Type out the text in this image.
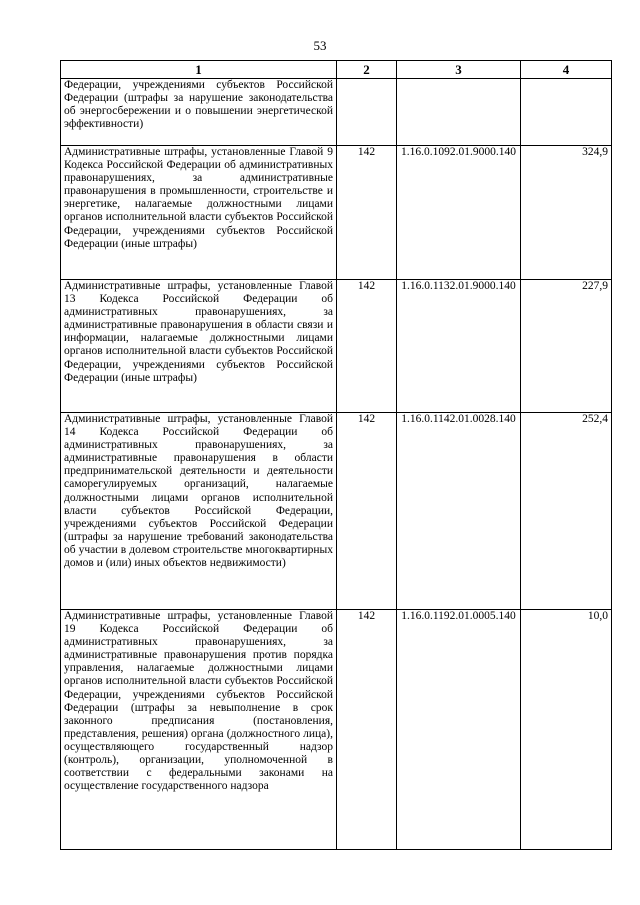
53
1	2	3	4
Федерации, учреждениями субъектов Российской Федерации (штрафы за нарушение законодательства об энергосбережении и о повышении энергетической эффективности)			
Административные штрафы, установленные Главой 9 Кодекса Российской Федерации об административных правонарушениях, за административные правонарушения в промышленности, строительстве и энергетике, налагаемые должностными лицами органов исполнительной власти субъектов Российской Федерации, учреждениями субъектов Российской Федерации (иные штрафы)	142	1.16.0.1092.01.9000.140	324,9
Административные штрафы, установленные Главой 13 Кодекса Российской Федерации об административных правонарушениях, за административные правонарушения в области связи и информации, налагаемые должностными лицами органов исполнительной власти субъектов Российской Федерации, учреждениями субъектов Российской Федерации (иные штрафы)	142	1.16.0.1132.01.9000.140	227,9
Административные штрафы, установленные Главой 14 Кодекса Российской Федерации об административных правонарушениях, за административные правонарушения в области предпринимательской деятельности и деятельности саморегулируемых организаций, налагаемые должностными лицами органов исполнительной власти субъектов Российской Федерации, учреждениями субъектов Российской Федерации (штрафы за нарушение требований законодательства об участии в долевом строительстве многоквартирных домов и (или) иных объектов недвижимости)	142	1.16.0.1142.01.0028.140	252,4
Административные штрафы, установленные Главой 19 Кодекса Российской Федерации об административных правонарушениях, за административные правонарушения против порядка управления, налагаемые должностными лицами органов исполнительной власти субъектов Российской Федерации, учреждениями субъектов Российской Федерации (штрафы за невыполнение в срок законного предписания (постановления, представления, решения) органа (должностного лица), осуществляющего государственный надзор (контроль), организации, уполномоченной в соответствии с федеральными законами на осуществление государственного надзора	142	1.16.0.1192.01.0005.140	10,0
